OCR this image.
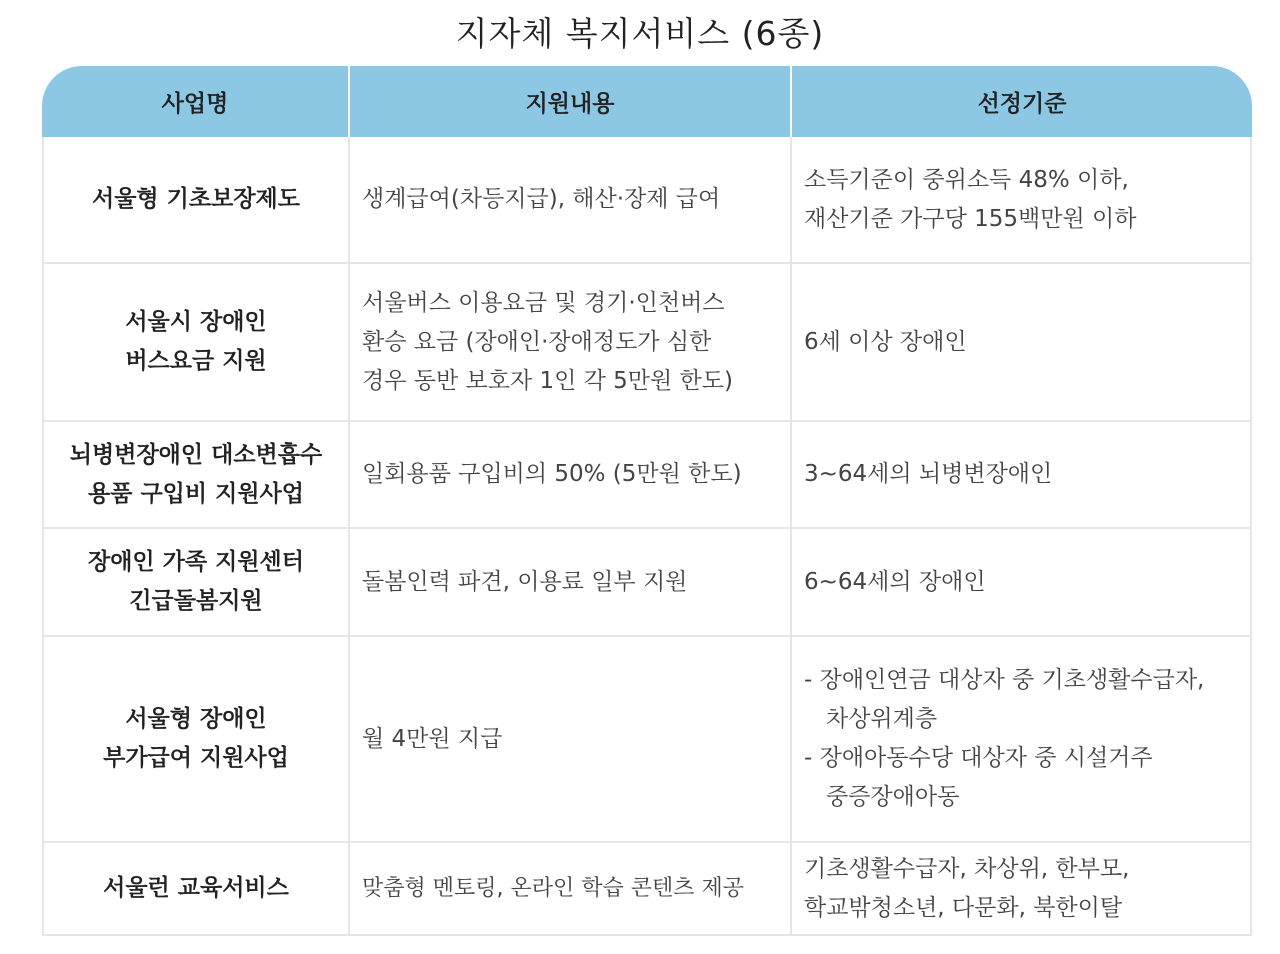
지자체 복지서비스 (6종)
사업명	지원내용	선정기준

서울형 기초보장제도	생계급여(차등지급), 해산·장제 급여	소득기준이 중위소득 48% 이하,
재산기준 가구당 155백만원 이하

서울시 장애인
버스요금 지원	서울버스 이용요금 및 경기·인천버스
환승 요금 (장애인·장애정도가 심한
경우 동반 보호자 1인 각 5만원 한도)	6세 이상 장애인

뇌병변장애인 대소변흡수
용품 구입비 지원사업	일회용품 구입비의 50% (5만원 한도)	3~64세의 뇌병변장애인

장애인 가족 지원센터
긴급돌봄지원	돌봄인력 파견, 이용료 일부 지원	6~64세의 장애인

서울형 장애인
부가급여 지원사업	월 4만원 지급	- 장애인연금 대상자 중 기초생활수급자,
차상위계층
- 장애아동수당 대상자 중 시설거주
중증장애아동

서울런 교육서비스	맞춤형 멘토링, 온라인 학습 콘텐츠 제공	기초생활수급자, 차상위, 한부모,
학교밖청소년, 다문화, 북한이탈
